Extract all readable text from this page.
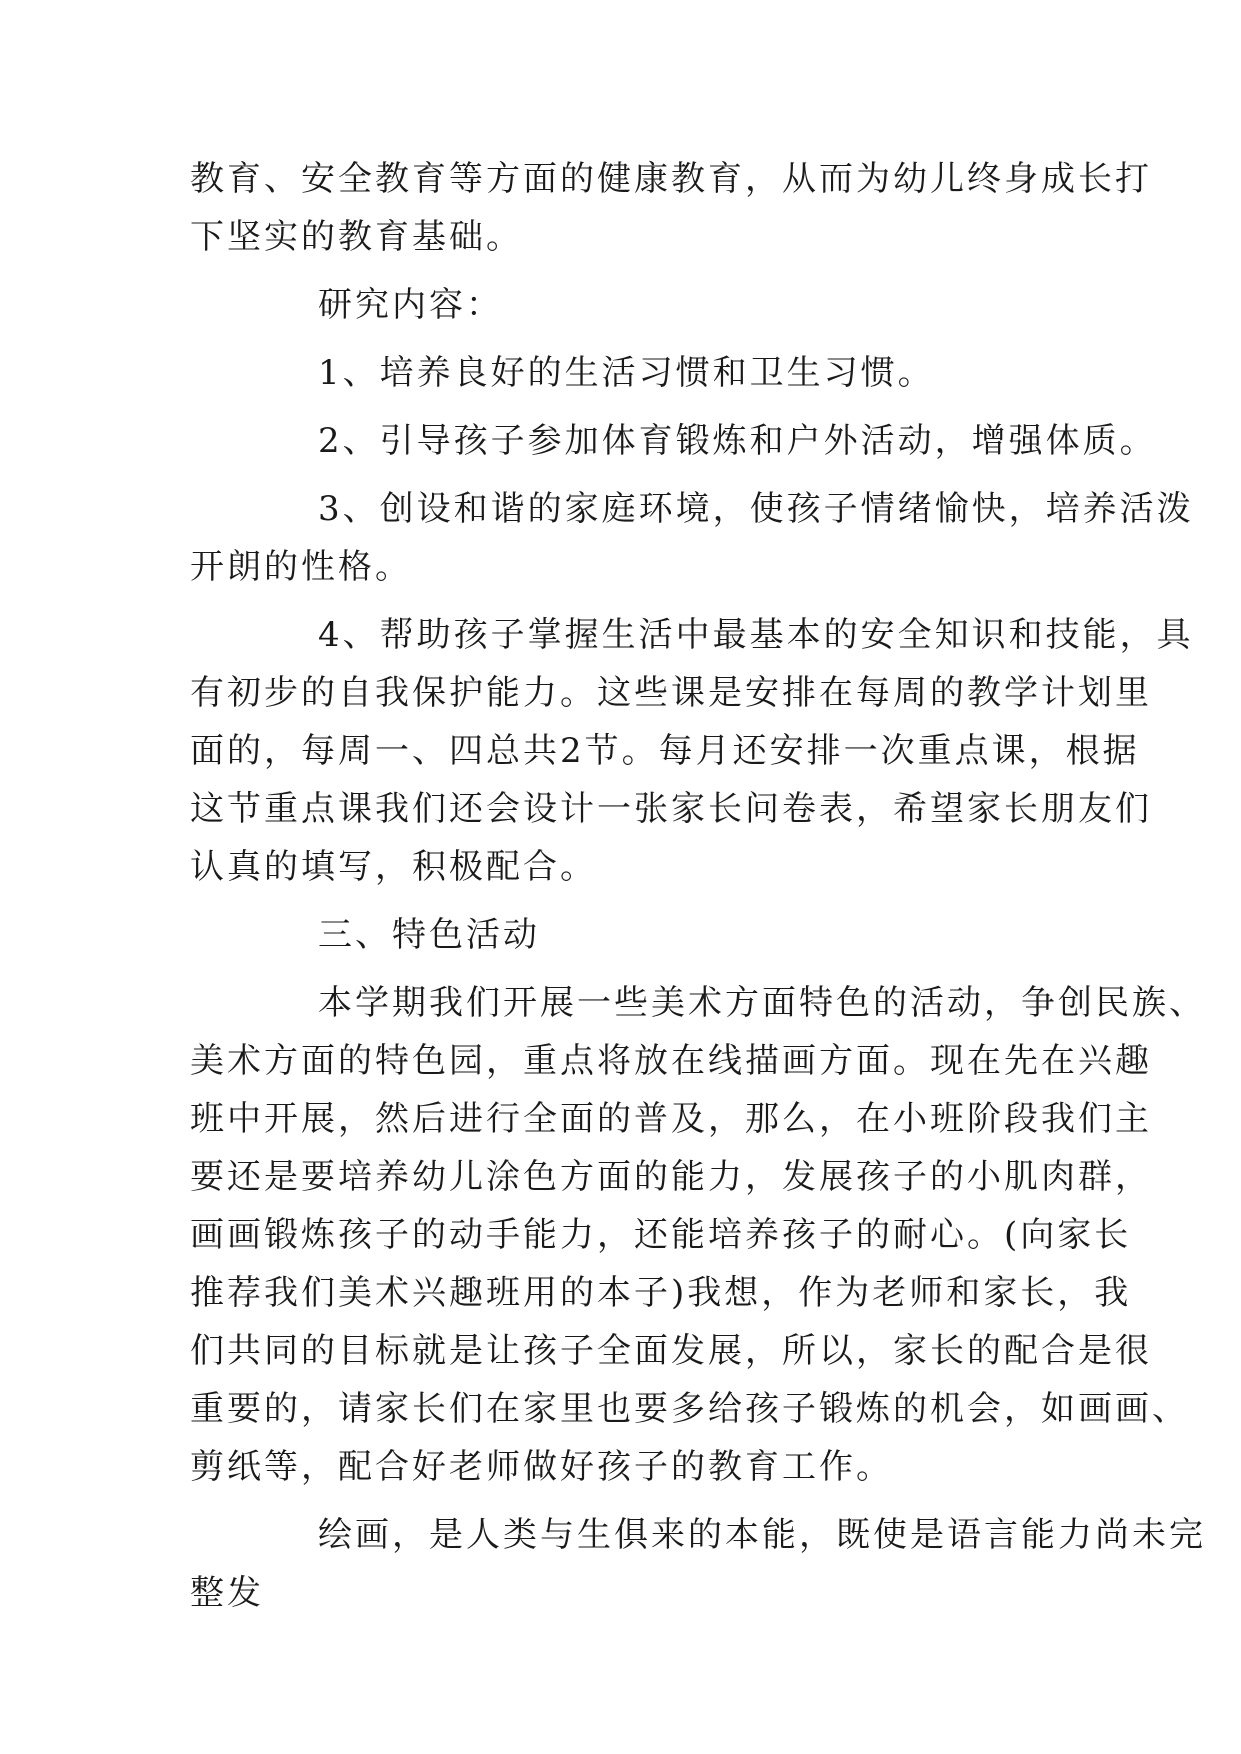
教育、安全教育等方面的健康教育，从而为幼儿终身成长打
下坚实的教育基础。
研究内容：
1、培养良好的生活习惯和卫生习惯。
2、引导孩子参加体育锻炼和户外活动，增强体质。
3、创设和谐的家庭环境，使孩子情绪愉快，培养活泼
开朗的性格。
4、帮助孩子掌握生活中最基本的安全知识和技能，具
有初步的自我保护能力。这些课是安排在每周的教学计划里
面的，每周一、四总共2节。每月还安排一次重点课，根据
这节重点课我们还会设计一张家长问卷表，希望家长朋友们
认真的填写，积极配合。
三、特色活动
本学期我们开展一些美术方面特色的活动，争创民族、
美术方面的特色园，重点将放在线描画方面。现在先在兴趣
班中开展，然后进行全面的普及，那么，在小班阶段我们主
要还是要培养幼儿涂色方面的能力，发展孩子的小肌肉群，
画画锻炼孩子的动手能力，还能培养孩子的耐心。(向家长
推荐我们美术兴趣班用的本子)我想，作为老师和家长，我
们共同的目标就是让孩子全面发展，所以，家长的配合是很
重要的，请家长们在家里也要多给孩子锻炼的机会，如画画、
剪纸等，配合好老师做好孩子的教育工作。
绘画，是人类与生俱来的本能，既使是语言能力尚未完
整发
